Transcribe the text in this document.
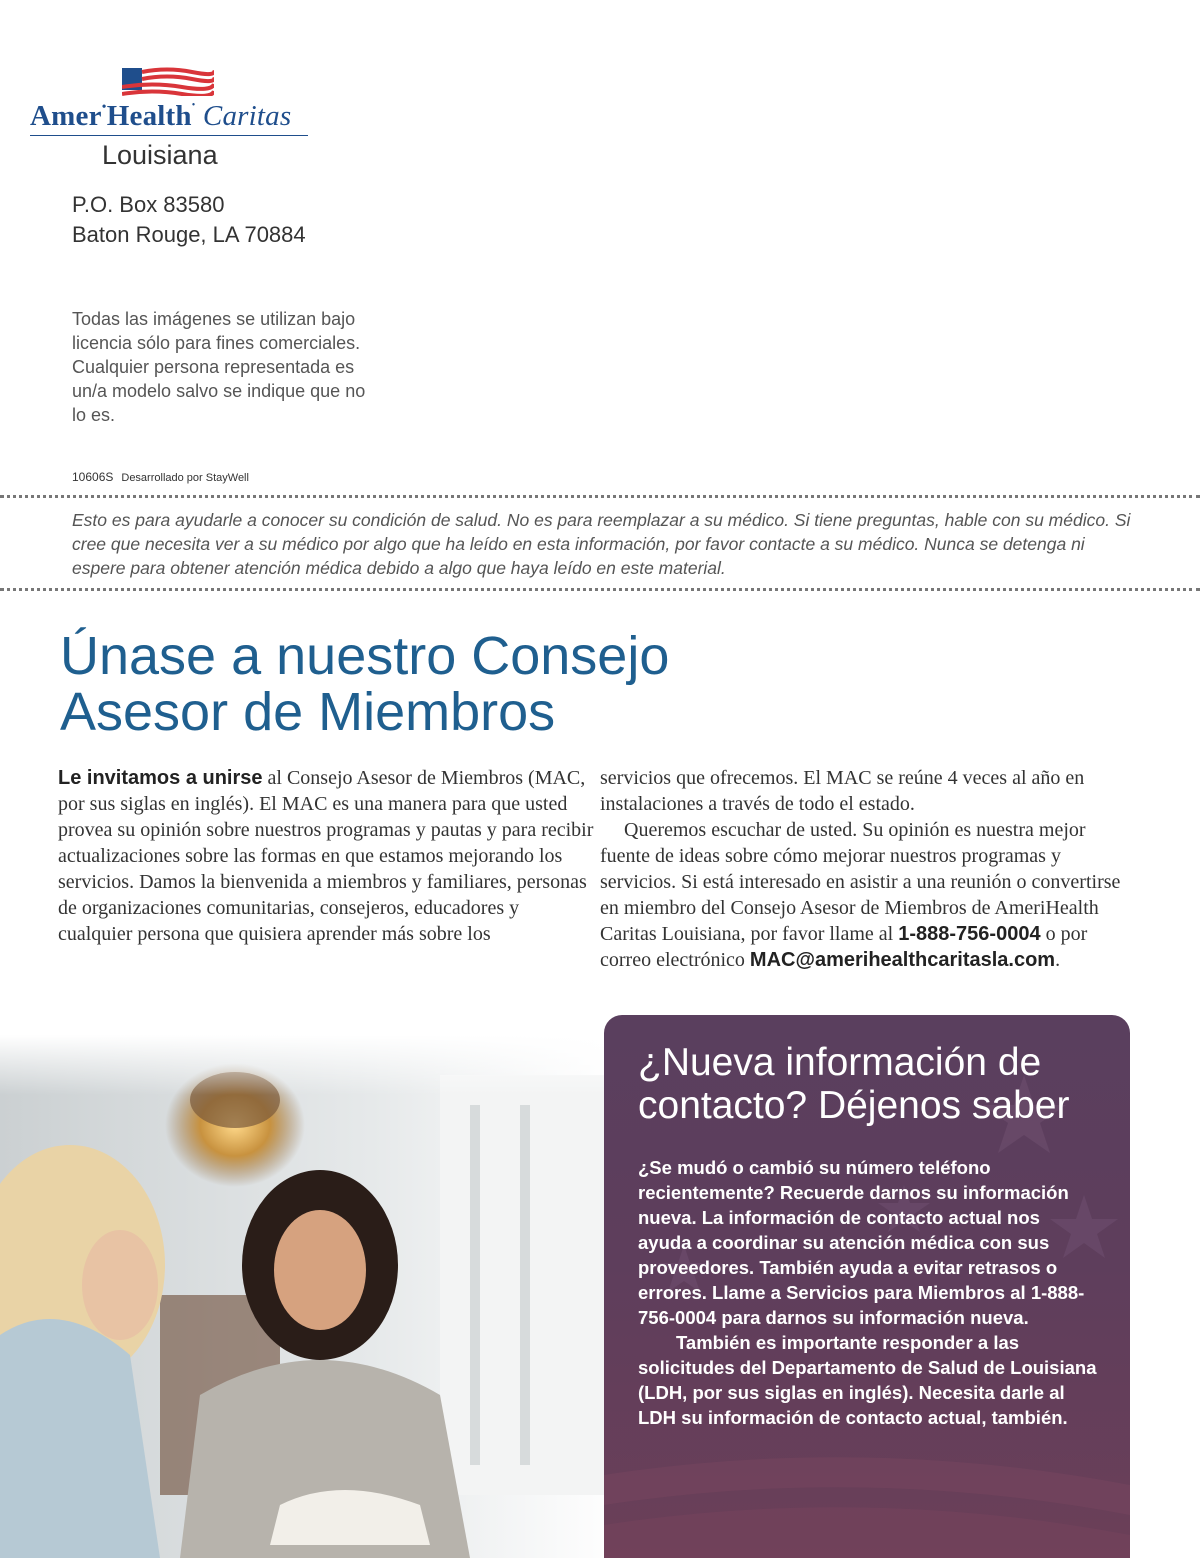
Amer•Health• Caritas
Louisiana
P.O. Box 83580
Baton Rouge, LA 70884
Todas las imágenes se utilizan bajo licencia sólo para fines comerciales. Cualquier persona representada es un/a modelo salvo se indique que no lo es.
10606S Desarrollado por StayWell
Esto es para ayudarle a conocer su condición de salud. No es para reemplazar a su médico. Si tiene preguntas, hable con su médico. Si cree que necesita ver a su médico por algo que ha leído en esta información, por favor contacte a su médico. Nunca se detenga ni espere para obtener atención médica debido a algo que haya leído en este material.
Únase a nuestro Consejo
Asesor de Miembros

Le invitamos a unirse al Consejo Asesor de Miembros (MAC, por sus siglas en inglés). El MAC es una manera para que usted provea su opinión sobre nuestros programas y pautas y para recibir actualizaciones sobre las formas en que estamos mejorando los servicios. Damos la bienvenida a miembros y familiares, personas de organizaciones comunitarias, consejeros, educadores y cualquier persona que quisiera aprender más sobre los

servicios que ofrecemos. El MAC se reúne 4 veces al año en instalaciones a través de todo el estado.

Queremos escuchar de usted. Su opinión es nuestra mejor fuente de ideas sobre cómo mejorar nuestros programas y servicios. Si está interesado en asistir a una reunión o convertirse en miembro del Consejo Asesor de Miembros de AmeriHealth Caritas Louisiana, por favor llame al 1-888-756-0004 o por correo electrónico MAC@amerihealthcaritasla.com.

¿Nueva información de
contacto? Déjenos saber

¿Se mudó o cambió su número teléfono recientemente? Recuerde darnos su información nueva. La información de contacto actual nos ayuda a coordinar su atención médica con sus proveedores. También ayuda a evitar retrasos o errores. Llame a Servicios para Miembros al 1-888-756-0004 para darnos su información nueva.

También es importante responder a las solicitudes del Departamento de Salud de Louisiana (LDH, por sus siglas en inglés). Necesita darle al LDH su información de contacto actual, también.
